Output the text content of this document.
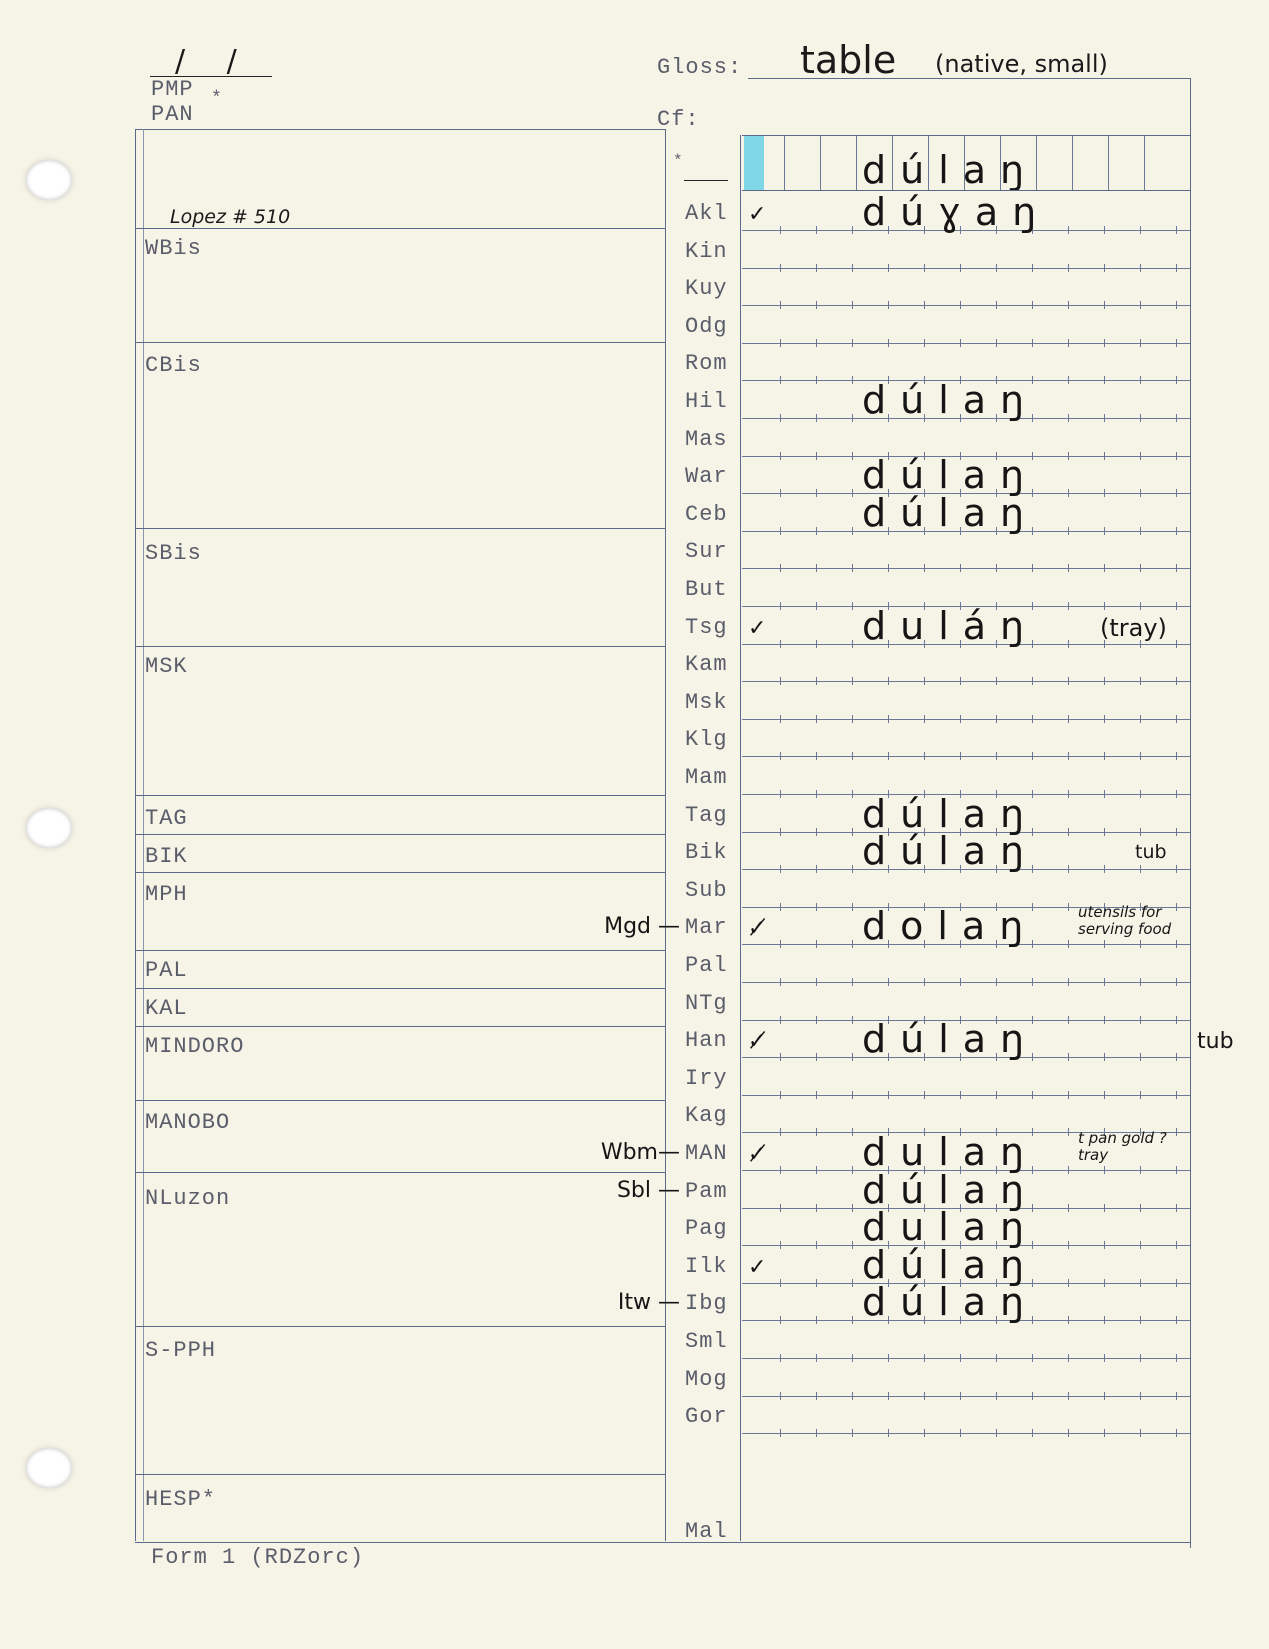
/ /
PMP *
PAN
Gloss: table (native, small)
Cf:
*	dúlaŋ
Lopez # 510
WBis
CBis
SBis
MSK
TAG
BIK
MPH
PAL
KAL
MINDORO
MANOBO
NLuzon
S-PPH
HESP*
Akl ✓	dúɣaŋ
Kin
Kuy
Odg
Rom
Hil	dúlaŋ
Mas
War	dúlaŋ
Ceb	dúlaŋ
Sur
But
Tsg ✓	duláŋ	(tray)
Kam
Msk
Klg
Mam
Tag	dúlaŋ
Bik	dúlaŋ	tub
Sub
Mar ✓̸	dolaŋ	utensils for serving food
Mgd —
Pal
NTg
Han ✓̸	dúlaŋ	tub
Iry
Kag
MAN ✓̸	dulaŋ	t pan gold ?tray
Wbm—
Pam	dúlaŋ
Sbl —
Pag	dulaŋ
Ilk ✓	dúlaŋ
Ibg	dúlaŋ
Itw —
Sml
Mog
Gor
Mal
Form 1 (RDZorc)
